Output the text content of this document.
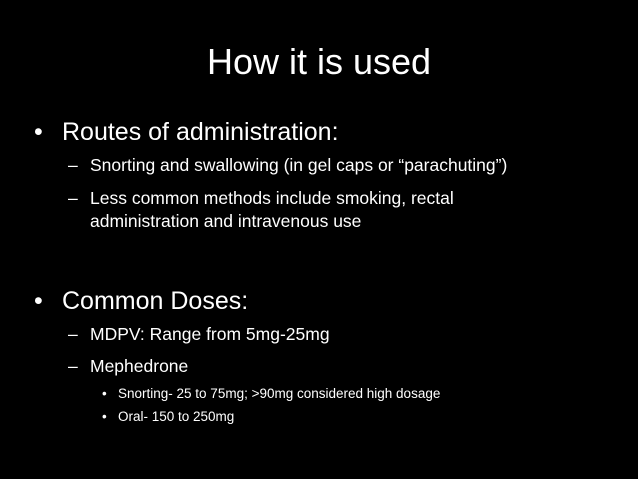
How it is used
• Routes of administration:
– Snorting and swallowing (in gel caps or “parachuting”)
– Less common methods include smoking, rectal administration and intravenous use
• Common Doses:
– MDPV: Range from 5mg-25mg
– Mephedrone
• Snorting- 25 to 75mg; >90mg considered high dosage
• Oral- 150 to 250mg
